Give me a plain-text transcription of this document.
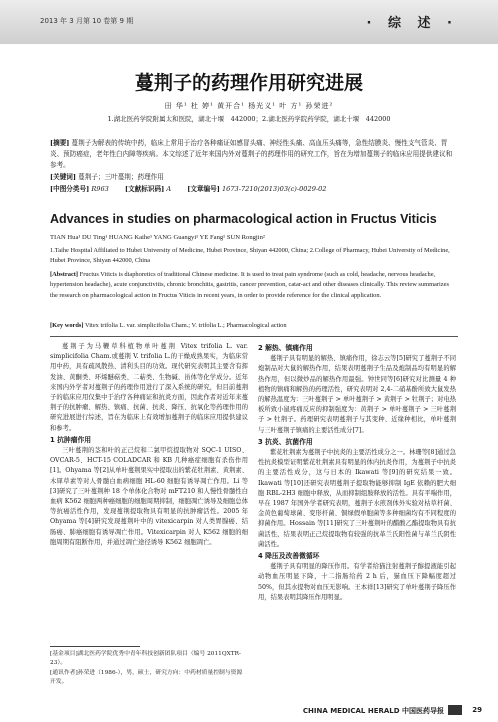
2013 年 3 月第 10 卷第 9 期	· 综 述 ·
蔓荆子的药理作用研究进展
田 华¹ 杜 婷¹ 黄开合¹ 杨光义¹ 叶 方¹ 孙荣进²
1.湖北医药学院附属太和医院，湖北十堰　442000；2.湖北医药学院药学院，湖北十堰　442000
[摘要] 蔓荆子为解表的传统中药，临床上常用于治疗各种痛证如感冒头痛、神经性头痛、高血压头痛等，急性结膜炎、慢性支气管炎、胃炎、预防癌症，老年性白内障等疾病。本文综述了近年来国内外对蔓荆子的药理作用的研究工作，旨在为增加蔓荆子的临床应用提供建议和参考。
[关键词] 蔓荆子；三叶蔓荆；药理作用
[中图分类号] R963 [文献标识码] A [文章编号] 1673-7210(2013)03(c)-0029-02
Advances in studies on pharmacological action in Fructus Viticis
TIAN Hua¹ DU Ting¹ HUANG Kaihe¹ YANG Guangyi¹ YE Fang¹ SUN Rongjin²
1.Taihe Hospital Affiliated to Hubei University of Medicine, Hubei Province, Shiyan 442000, China; 2.College of Pharmacy, Hubei University of Medicine, Hubei Province, Shiyan 442000, China
[Abstract] Fructus Viticis is diaphoretics of traditional Chinese medicine. It is used to treat pain syndrome (such as cold, headache, nervous headache, hypertension headache), acute conjunctivitis, chronic bronchitis, gastritis, cancer prevention, catar-act and other diseases clinically. This review summarizes the research on pharmacological action in Fructus Viticis in recent years, in order to provide reference for the clinical application.
[Key words] Vitex trifolia L. var. simplicifolia Cham.; V. trifolia L.; Pharmacological action

蔓荆子为马鞭草科植物单叶蔓荆 Vitex trifolia L. var. simplicifolia Cham.或蔓荆 V. trifolia L.的干燥成熟果实，为临床常用中药，具有疏风散热、清利头目的功效。现代研究表明其主要含有挥发油、黄酮类、环烯醚萜类、二萜类、生物碱、甾体等化学成分。近年来国内外学者对蔓荆子的药理作用进行了深入系统的研究，但目前蔓荆子的临床应用仅集中于治疗各种痛证和抗炎方面，因此作者对近年来蔓荆子的抗肿瘤、解热、镇痛、抗菌、抗炎、降压、抗氧化等药理作用的研究进展进行综述，旨在为临床上有效增加蔓荆子的临床应用提供建议和参考。

1 抗肿瘤作用

三叶蔓荆的茎和叶的正己烷和二氯甲烷提取物对 SQC-1 UISO、OVCAR-5、HCT-15 COLADCAR 和 KB 几种癌症细胞有杀伤作用[1]。Ohyama 等[2]从单叶蔓荆果实中提取出的紫花牡荆素、黄荆素、木犀草素等对人骨髓白血病细胞 HL-60 细胞有诱导凋亡作用。Li 等[3]研究了三叶蔓荆种 18 个单体化合物对 mFT210 和人慢性骨髓性白血病 K562 细胞两种癌细胞的细胞周期抑制，细胞凋亡诱导及细胞总体等抗癌活性作用，发现蔓荆提取物具有明显的抗肿瘤活性。2005 年 Ohyama 等[4]研究发现蔓荆叶中的 vitexicarpin 对人类胃腺癌、结肠癌、肺癌细胞有诱导凋亡作用。Vitexicarpin 对人 K562 细胞的细胞周期有阻断作用，并通过凋亡途径诱导 K562 细胞凋亡。

2 解热、镇痛作用

蔓荆子具有明显的解热、镇痛作用，徐志云等[5]研究了蔓荆子不同炮制品对大鼠的解热作用，结果表明蔓荆子生品及炮制品均有明显的解热作用，但以微炒品的解热作用最强。钟世同等[6]研究对比测量 4 种植物的镇痛和解热的药理活性，研究表明对 2,4-二硝基酚所致大鼠发热的解热温度为：三叶蔓荆子 > 单叶蔓荆子 > 黄荆子 > 牡荆子；对电热板所致小鼠疼痛反应的抑制强度为：黄荆子 > 单叶蔓荆子 > 三叶蔓荆子 > 牡荆子。药理研究表明蔓荆子与其变种、近缘种相比，单叶蔓荆与三叶蔓荆子镇痛的主要活性成分[7]。

3 抗炎、抗菌作用

紫花牡荆素为蔓荆子中抗炎的主要活性成分之一。林珊等[8]通过急性抗炎模型证明紫花牡荆素具有明显的体内抗炎作用，为蔓荆子中抗炎的主要活性成分，这与日本的 Ikawati 等[9]的研究结果一致。Ikawati 等[10]还研究表明蔓荆子提取物能够抑制 IgE 依赖的肥大细胞 RBL-2H3 细胞中释放，从而抑制组胺释放的活性。具有平喘作用，早在 1987 年国外学者研究表明，蔓荆子水煎剂体外实验对枯草杆菌、金黄色葡萄球菌、变形杆菌、铜绿假单胞菌等多种细菌均有不同程度的抑菌作用。Hossain 等[11]研究了三叶蔓荆叶的醋酸乙酯提取物具有抗菌活性，结果表明正己烷提取物有较强的抗革兰氏阳性菌与革兰氏阴性菌活性。

4 降压及改善微循环

蔓荆子具有明显的降压作用。有学者给猫注射蔓荆子醇提液能引起动物血压明显下降，十二指肠给药 2 h 后，猫血压下降幅度超过 50%，但其水提物对血压无影响。王本祥[13]研究了单叶蔓荆子降压作用，结果表明其降压作用明显。

[基金项目]湖北医药学院优秀中青年科技创新团队项目（编号 2011QXTR-23）。
[通讯作者]孙荣进（1986-），男，硕士，研究方向：中药材质量控制与资源开发。
CHINA MEDICAL HERALD 中国医药导报	29
